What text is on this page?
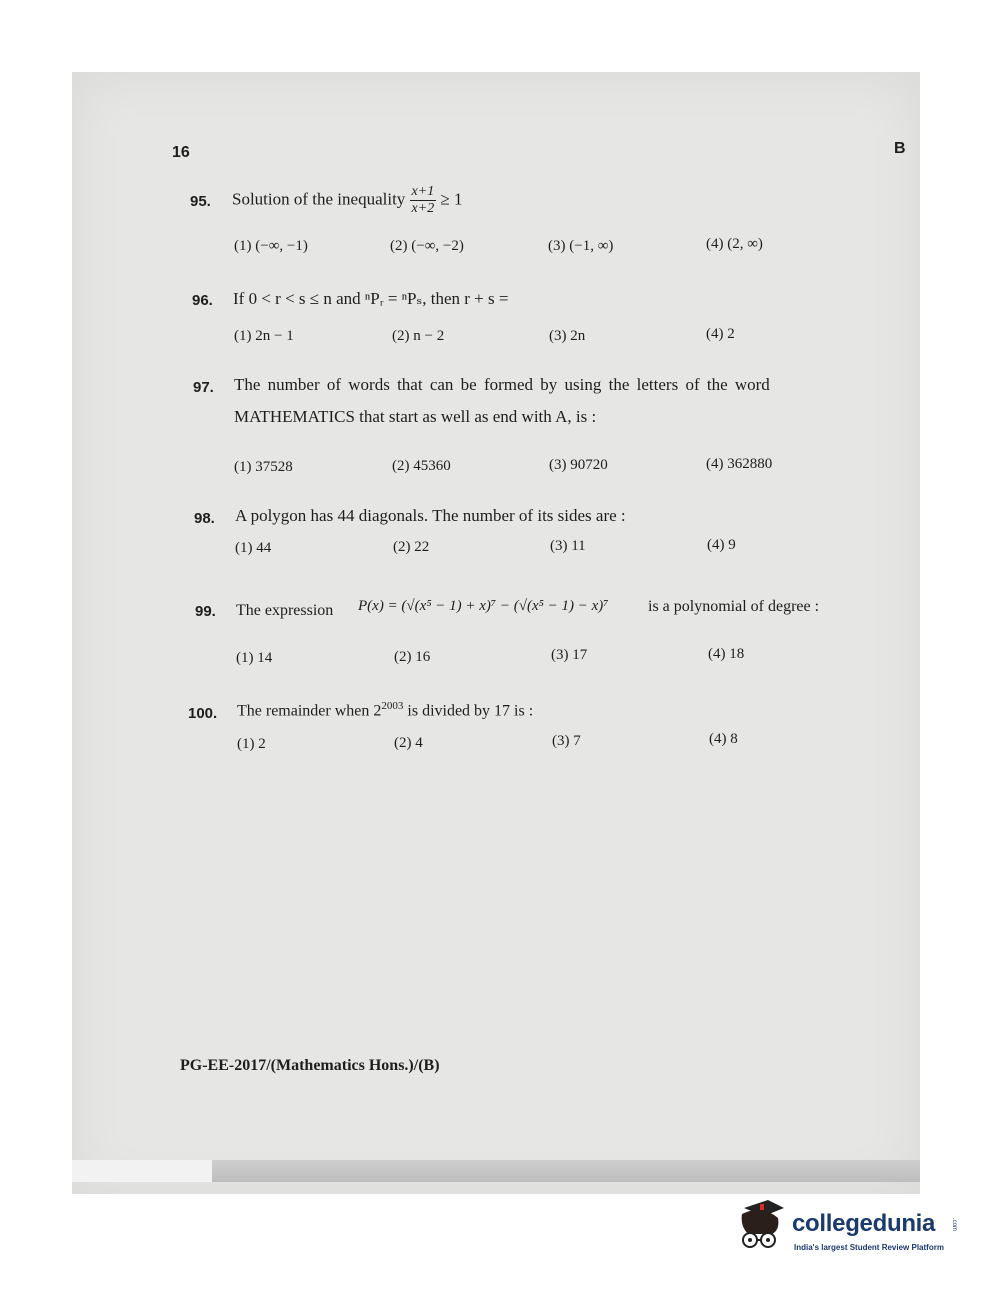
16	B
95. Solution of the inequality $\frac{x+1}{x+2} \ge 1$
(1) (−∞, −1)	(2) (−∞, −2)	(3) (−1, ∞)	(4) (2, ∞)
96. If 0 < r < s ≤ n and ⁿPᵣ = ⁿPₛ, then r + s =
(1) 2n − 1	(2) n − 2	(3) 2n	(4) 2
97. The number of words that can be formed by using the letters of the word
MATHEMATICS that start as well as end with A, is :
(1) 37528	(2) 45360	(3) 90720	(4) 362880
98. A polygon has 44 diagonals. The number of its sides are :
(1) 44	(2) 22	(3) 11	(4) 9
99. The expression P(x) = (√(x⁵ − 1) + x)⁷ − (√(x⁵ − 1) − x)⁷ is a polynomial of degree :
(1) 14	(2) 16	(3) 17	(4) 18
100. The remainder when $2^{2003}$ is divided by 17 is :
(1) 2	(2) 4	(3) 7	(4) 8
PG-EE-2017/(Mathematics Hons.)/(B)
collegedunia	.com
India's largest Student Review Platform
